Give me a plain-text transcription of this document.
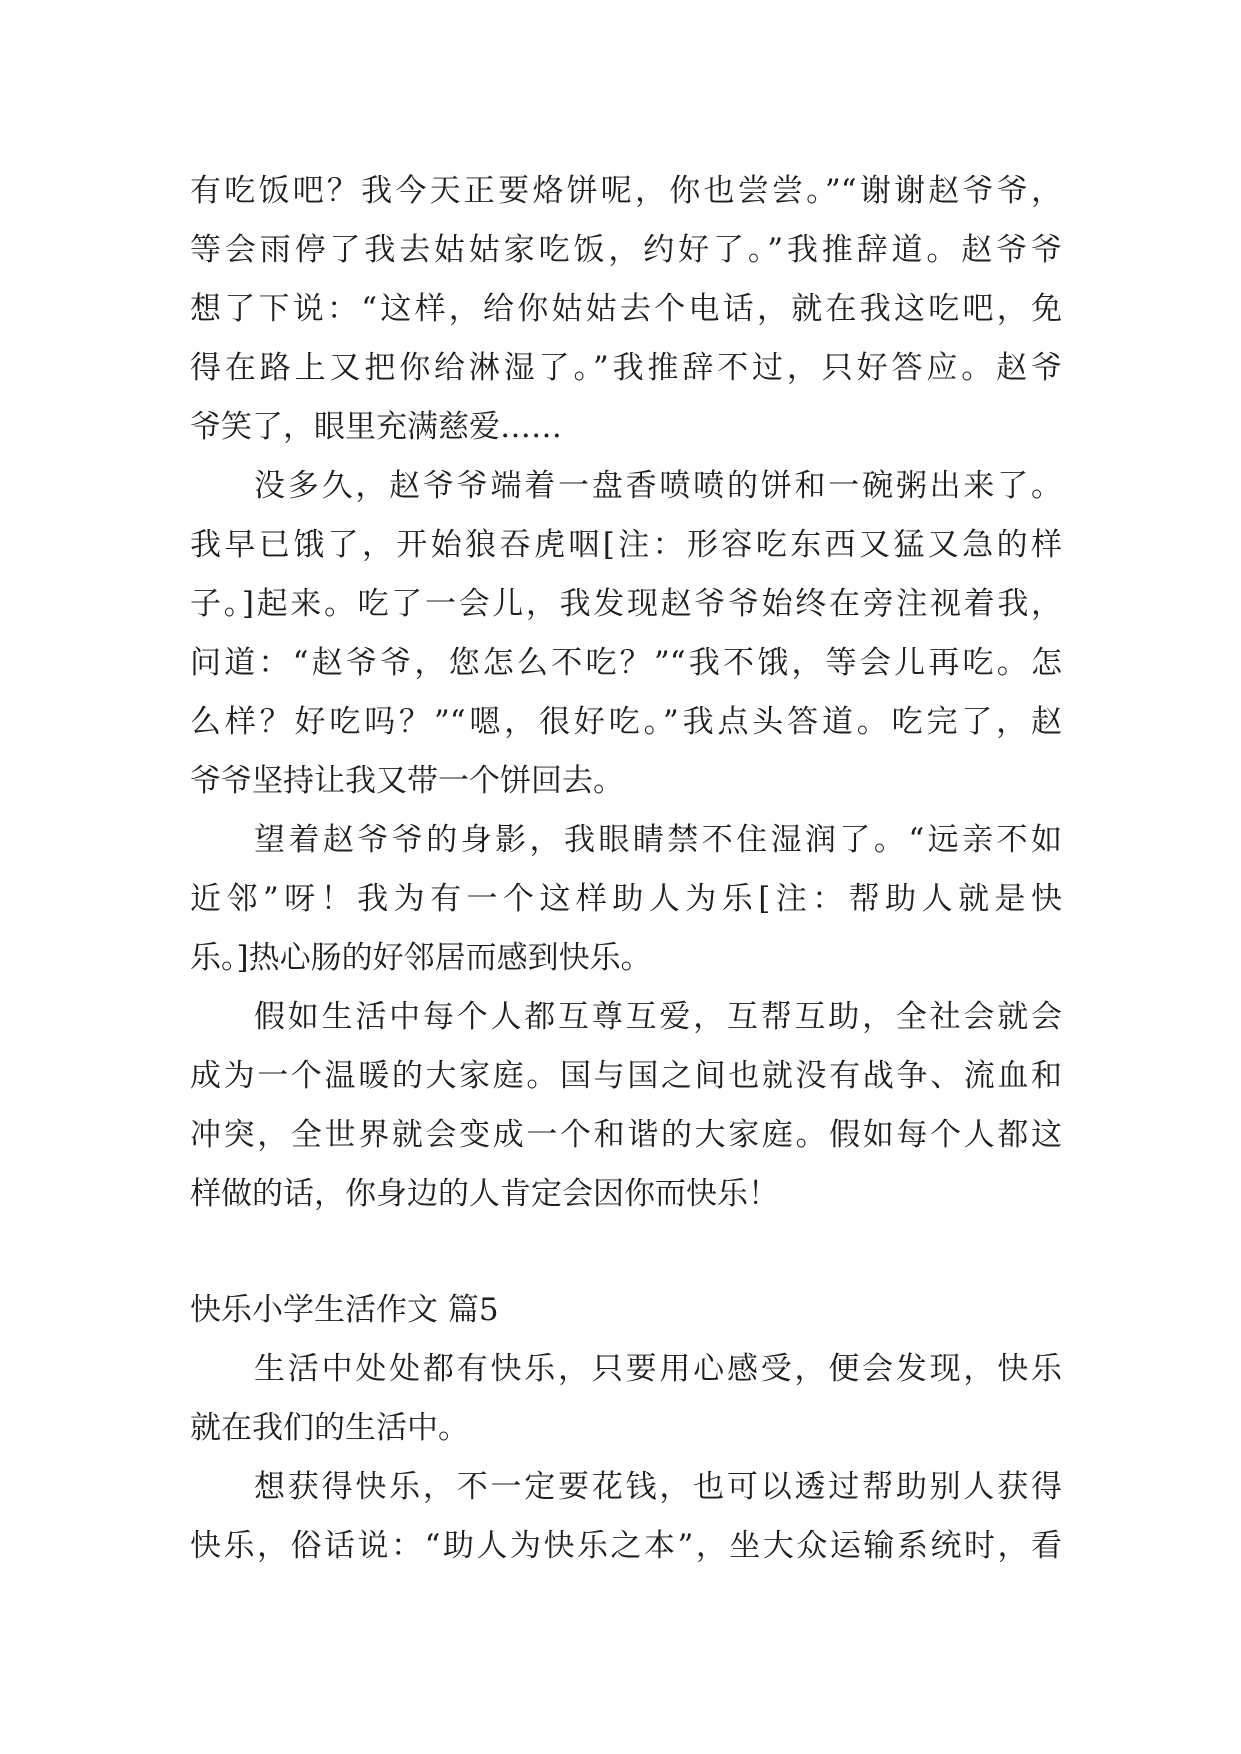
有吃饭吧？我今天正要烙饼呢，你也尝尝。”“谢谢赵爷爷，
等会雨停了我去姑姑家吃饭，约好了。”我推辞道。赵爷爷
想了下说：“这样，给你姑姑去个电话，就在我这吃吧，免
得在路上又把你给淋湿了。”我推辞不过，只好答应。赵爷
爷笑了，眼里充满慈爱……
没多久，赵爷爷端着一盘香喷喷的饼和一碗粥出来了。
我早已饿了，开始狼吞虎咽[注：形容吃东西又猛又急的样
子。]起来。吃了一会儿，我发现赵爷爷始终在旁注视着我，
问道：“赵爷爷，您怎么不吃？”“我不饿，等会儿再吃。怎
么样？好吃吗？”“嗯，很好吃。”我点头答道。吃完了，赵
爷爷坚持让我又带一个饼回去。
望着赵爷爷的身影，我眼睛禁不住湿润了。“远亲不如
近邻”呀！我为有一个这样助人为乐[注：帮助人就是快
乐。]热心肠的好邻居而感到快乐。
假如生活中每个人都互尊互爱，互帮互助，全社会就会
成为一个温暖的大家庭。国与国之间也就没有战争、流血和
冲突，全世界就会变成一个和谐的大家庭。假如每个人都这
样做的话，你身边的人肯定会因你而快乐！
快乐小学生活作文 篇5
生活中处处都有快乐，只要用心感受，便会发现，快乐
就在我们的生活中。
想获得快乐，不一定要花钱，也可以透过帮助别人获得
快乐，俗话说：“助人为快乐之本”，坐大众运输系统时，看
